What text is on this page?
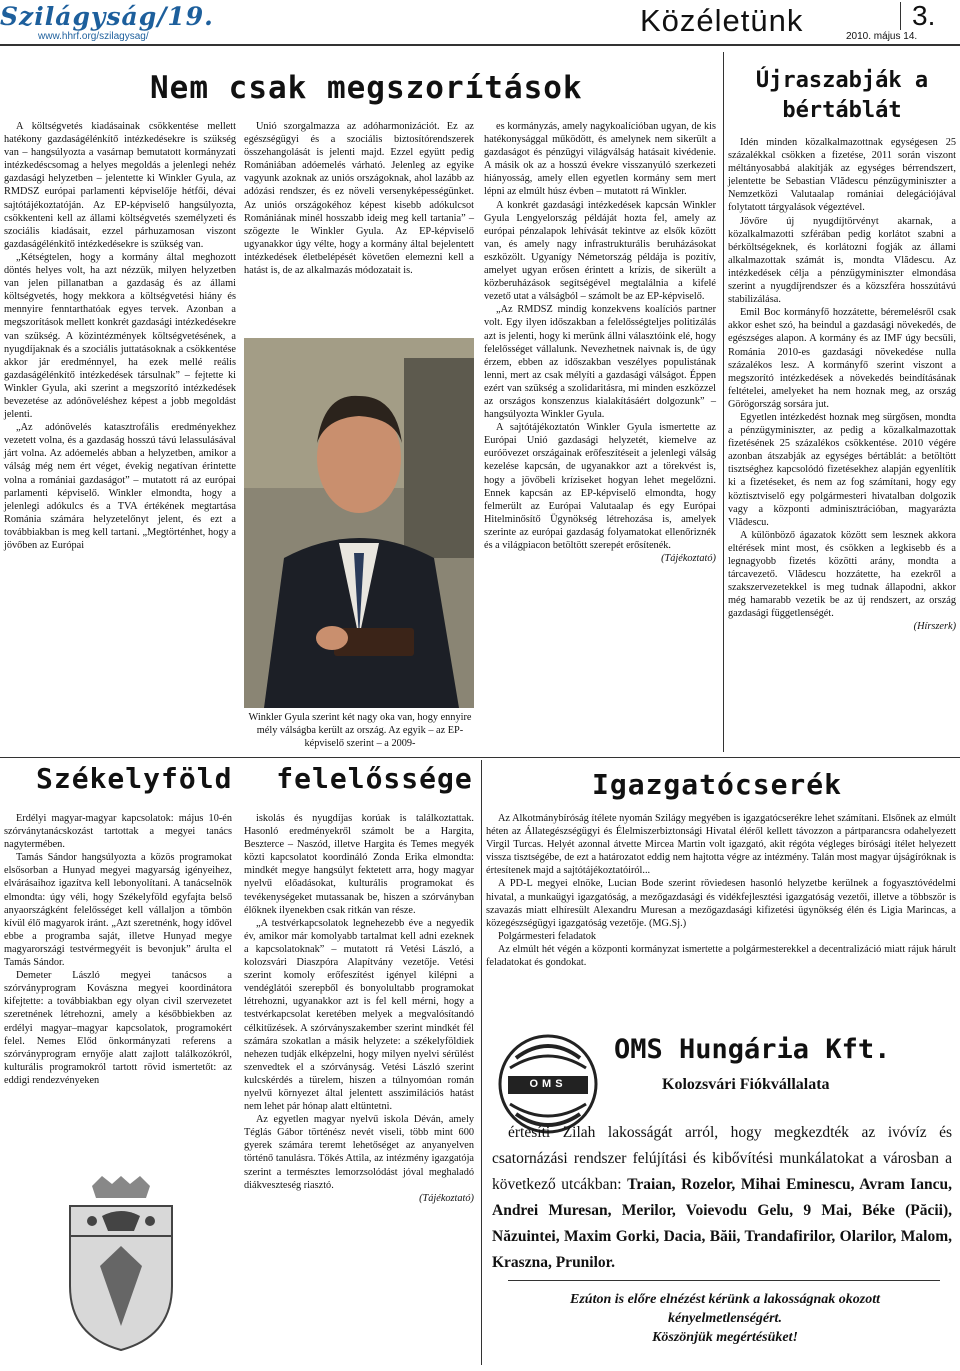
Szilágyság/19.
www.hhrf.org/szilagysag/	Közéletünk	3.
2010. május 14.
Nem csak megszorítások

A költségvetés kiadásainak csökkentése mellett hatékony gazdaságélénkítő intézkedésekre is szükség van – hangsúlyozta a vasárnap bemutatott kormányzati intézkedéscsomag a helyes megoldás a jelenlegi nehéz gazdasági helyzetben – jelentette ki Winkler Gyula, az RMDSZ európai parlamenti képviselője hétfői, dévai sajtótájékoztatóján. Az EP-képviselő hangsúlyozta, csökkenteni kell az állami költségvetés személyzeti és szociális kiadásait, ezzel párhuzamosan viszont gazdaságélénkítő intézkedésekre is szükség van.

„Kétségtelen, hogy a kormány által meghozott döntés helyes volt, ha azt nézzük, milyen helyzetben van jelen pillanatban a gazdaság és az állami költségvetés, hogy mekkora a költségvetési hiány és mennyire fenntarthatóak egyes tervek. Azonban a megszorítások mellett konkrét gazdasági intézkedésekre van szükség. A közintézmények költségvetésének, a nyugdíjaknak és a szociális juttatásoknak a csökkentése akkor jár eredménnyel, ha ezek mellé reális gazdaságélénkítő intézkedések társulnak” – fejtette ki Winkler Gyula, aki szerint a megszorító intézkedések bevezetése az adónöveléshez képest a jobb megoldást jelenti.

„Az adónövelés katasztrofális eredményekhez vezetett volna, és a gazdaság hosszú távú lelassulásával járt volna. Az adóemelés abban a helyzetben, amikor a válság még nem ért véget, évekig negatívan érintette volna a romániai gazdaságot” – mutatott rá az európai parlamenti képviselő. Winkler elmondta, hogy a jelenlegi adókulcs és a TVA értékének megtartása Románia számára helyzetelőnyt jelent, és ezt a továbbiakban is meg kell tartani. „Megtörténhet, hogy a jövőben az Európai

Unió szorgalmazza az adóharmonizációt. Ez az egészségügyi és a szociális biztosítórendszerek összehangolását is jelenti majd. Ezzel együtt pedig Romániában adóemelés várható. Jelenleg az egyike vagyunk azoknak az uniós országoknak, ahol lazább az adózási rendszer, és ez növeli versenyképességünket. Az uniós országokéhoz képest kisebb adókulcsot Romániának minél hosszabb ideig meg kell tartania” – szögezte le Winkler Gyula. Az EP-képviselő ugyanakkor úgy vélte, hogy a kormány által bejelentett intézkedések életbelépését követően elemezni kell a hatást is, de az alkalmazás módozatait is.

Winkler Gyula szerint két nagy oka van, hogy ennyire mély válságba került az ország. Az egyik – az EP-képviselő szerint – a 2009-

es kormányzás, amely nagykoalícióban ugyan, de kis hatékonysággal működött, és amelynek nem sikerült a gazdaságot és pénzügyi világválság hatásait kivédenie. A másik ok az a hosszú évekre visszanyúló szerkezeti hiányosság, amely ellen egyetlen kormány sem mert lépni az elmúlt húsz évben – mutatott rá Winkler.

A konkrét gazdasági intézkedések kapcsán Winkler Gyula Lengyelország példáját hozta fel, amely az európai pénzalapok lehívását tekintve az elsők között van, és amely nagy infrastrukturális beruházásokat eszközölt. Ugyanígy Németország példája is pozitív, amelyet ugyan erősen érintett a krízis, de sikerült a közberuházások segítségével megtalálnia a kifelé vezető utat a válságból – számolt be az EP-képviselő.

„Az RMDSZ mindig konzekvens koalíciós partner volt. Egy ilyen időszakban a felelősségteljes politizálás azt is jelenti, hogy ki merünk állni választóink elé, hogy felelősséget vállalunk. Nevezhetnek naivnak is, de úgy érzem, ebben az időszakban veszélyes populistának lenni, mert az csak mélyíti a gazdasági válságot. Éppen ezért van szükség a szolidaritásra, mi minden eszközzel az országos konszenzus kialakításáért dolgozunk” – hangsúlyozta Winkler Gyula.

A sajtótájékoztatón Winkler Gyula ismertette az Európai Unió gazdasági helyzetét, kiemelve az euróövezet országainak erőfeszítéseit a jelenlegi válság kezelése kapcsán, de ugyanakkor azt a törekvést is, hogy a jövőbeli kríziseket hogyan lehet megelőzni. Ennek kapcsán az EP-képviselő elmondta, hogy felmerült az Európai Valutaalap és egy Európai Hitelminősítő Ügynökség létrehozása is, amelyek szerinte az európai gazdaság folyamatokat ellenőriznék és a világpiacon betöltött szerepét erősítenék.

(Tájékoztató)
Újraszabják a bértáblát

Idén minden közalkalmazottnak egységesen 25 százalékkal csökken a fizetése, 2011 során viszont méltányosabbá alakítják az egységes bérrendszert, jelentette be Sebastian Vlădescu pénzügyminiszter a Nemzetközi Valutaalap romániai delegációjával folytatott tárgyalások végeztével.

Jövőre új nyugdíjtörvényt akarnak, a közalkalmazotti szférában pedig korlátot szabni a bérköltségeknek, és korlátozni fogják az állami alkalmazottak számát is, mondta Vlădescu. Az intézkedések célja a pénzügyminiszter elmondása szerint a nyugdíjrendszer és a közszféra hosszútávú stabilizálása.

Emil Boc kormányfő hozzátette, béremelésről csak akkor eshet szó, ha beindul a gazdasági növekedés, de egészséges alapon. A kormány és az IMF úgy becsüli, Románia 2010-es gazdasági növekedése nulla százalékos lesz. A kormányfő szerint viszont a megszorító intézkedések a növekedés beindításának feltételei, amelyeket ha nem hoznak meg, az ország Görögország sorsára jut.

Egyetlen intézkedést hoznak meg sürgősen, mondta a pénzügyminiszter, az pedig a közalkalmazottak fizetésének 25 százalékos csökkentése. 2010 végére azonban átszabják az egységes bértáblát: a betöltött tisztséghez kapcsolódó fizetésekhez alapján egyenlítik ki a fizetéseket, és nem az fog számítani, hogy egy köztisztviselő egy polgármesteri hivatalban dolgozik vagy a központi adminisztrációban, magyarázta Vlădescu.

A különböző ágazatok között sem lesznek akkora eltérések mint most, és csökken a legkisebb és a legnagyobb fizetés közötti arány, mondta a tárcavezető. Vlădescu hozzátette, ha ezekről a szakszervezetekkel is meg tudnak állapodni, akkor még hamarabb vezetik be az új rendszert, az ország gazdasági függetlenségét.

(Hírszerk)
Székelyföld felelőssége

Erdélyi magyar-magyar kapcsolatok: május 10-én szórványtanácskozást tartottak a megyei tanács nagytermében.

Tamás Sándor hangsúlyozta a közös programokat elsősorban a Hunyad megyei magyarság igényeihez, elvárásaihoz igazítva kell lebonyolítani. A tanácselnök elmondta: úgy véli, hogy Székelyföld egyfajta belső anyaországként felelősséget kell vállaljon a tömbön kívül élő magyarok iránt. „Azt szeretnénk, hogy idővel ebbe a programba saját, illetve Hunyad megye magyarországi testvérmegyéit is bevonjuk” árulta el Tamás Sándor.

Demeter László megyei tanácsos a szórványprogram Kovászna megyei koordinátora kifejtette: a továbbiakban egy olyan civil szervezetet szeretnének létrehozni, amely a későbbiekben az erdélyi magyar–magyar kapcsolatok, programokért felel. Nemes Előd önkormányzati referens a szórványprogram ernyője alatt zajlott találkozókról, kulturális programokról tartott rövid ismertetőt: az eddigi rendezvényeken

iskolás és nyugdíjas korúak is találkoztattak. Hasonló eredményekről számolt be a Hargita, Beszterce – Naszód, illetve Hargita és Temes megyék közti kapcsolatot koordináló Zonda Erika elmondta: mindkét megye hangsúlyt fektetett arra, hogy magyar nyelvű előadásokat, kulturális programokat és tevékenységeket mutassanak be, hiszen a szórványban élőknek ilyenekben csak ritkán van része.

„A testvérkapcsolatok legnehezebb éve a negyedik év, amikor már komolyabb tartalmat kell adni ezeknek a kapcsolatoknak” – mutatott rá Vetési László, a kolozsvári Diaszpóra Alapítvány vezetője. Vetési szerint komoly erőfeszítést igényel kilépni a vendéglátói szerepből és bonyolultabb programokat létrehozni, ugyanakkor azt is fel kell mérni, hogy a testvérkapcsolat keretében melyek a megvalósítandó célkitűzések. A szórványszakember szerint mindkét fél számára szokatlan a másik helyzete: a székelyföldiek nehezen tudják elképzelni, hogy milyen nyelvi sérülést szenvedtek el a szórványság. Vetési László szerint kulcskérdés a türelem, hiszen a túlnyomóan román nyelvű környezet által jelentett asszimilációs hatást nem lehet pár hónap alatt eltüntetni.

Az egyetlen magyar nyelvű iskola Déván, amely Téglás Gábor történész nevét viseli, több mint 600 gyerek számára teremt lehetőséget az anyanyelven történő tanulásra. Tőkés Attila, az intézmény igazgatója szerint a természtes lemorzsolódást jóval meghaladó diákveszteség riasztó.

(Tájékoztató)
Igazgatócserék

Az Alkotmánybíróság ítélete nyomán Szilágy megyében is igazgatócserékre lehet számítani. Elsőnek az elmúlt héten az Állategészségügyi és Élelmiszerbiztonsági Hivatal éléről kellett távozzon a pártparancsra odahelyezett Virgil Turcas. Helyét azonnal átvette Mircea Martin volt igazgató, akit régóta végleges bírósági ítélet helyezett vissza tisztségébe, de ezt a határozatot eddig nem hajtotta végre az intézmény. Talán most magyar újságíróknak is értesítenek majd a sajtótájékoztatóiról...

A PD-L megyei elnöke, Lucian Bode szerint röviedesen hasonló helyzetbe kerülnek a fogyasztóvédelmi hivatal, a munkaügyi igazgatóság, a mezőgazdasági és vidékfejlesztési igazgatóság vezetői, illetve a többször is szavazás miatt elhíresült Alexandru Muresan a mezőgazdasági kifizetési ügynökség élén és Ligia Marincas, a közegészségügyi igazgatóság vezetője. (MG.Sj.)

Polgármesteri feladatok

Az elmúlt hét végén a központi kormányzat ismertette a polgármesterekkel a decentralizáció miatt rájuk hárult feladatokat és gondokat.

OMS
OMS Hungária Kft.
Kolozsvári Fiókvállalata
értesíti Zilah lakosságát arról, hogy megkezdték az ivóvíz és csatornázási rendszer felújítási és kibővítési munkálatokat a városban a következő utcákban: Traian, Rozelor, Mihai Eminescu, Avram Iancu, Andrei Muresan, Merilor, Voievodu Gelu, 9 Mai, Béke (Păcii), Năzuintei, Maxim Gorki, Dacia, Băii, Trandafirilor, Olarilor, Malom, Kraszna, Prunilor.
Ezúton is előre elnézést kérünk a lakosságnak okozott kényelmetlenségért.
Köszönjük megértésüket!
